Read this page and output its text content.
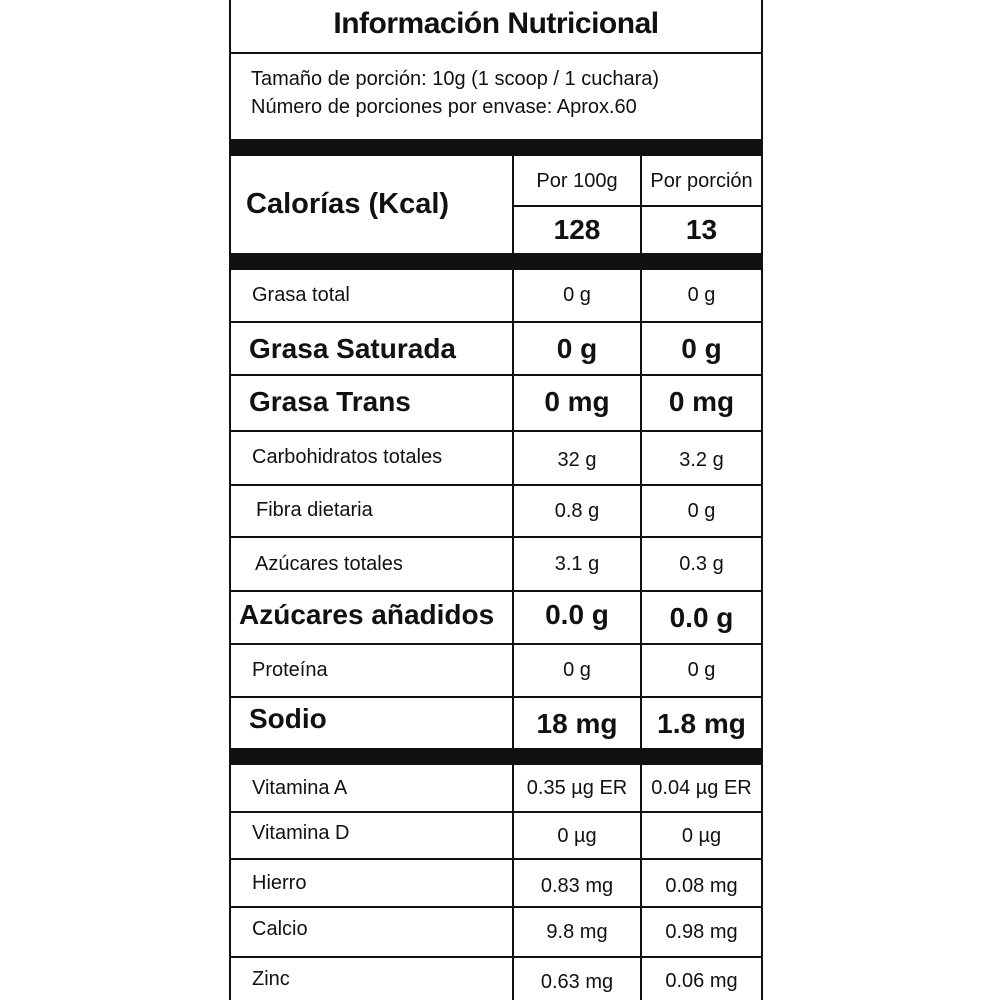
Información Nutricional
Tamaño de porción: 10g (1 scoop / 1 cuchara)
Número de porciones por envase: Aprox.60
Calorías (Kcal)
Por 100g	Por porción
128	13
Grasa total	0 g	0 g
Grasa Saturada	0 g	0 g
Grasa Trans	0 mg	0 mg
Carbohidratos totales	32 g	3.2 g
Fibra dietaria	0.8 g	0 g
Azúcares totales	3.1 g	0.3 g
Azúcares añadidos	0.0 g	0.0 g
Proteína	0 g	0 g
Sodio	18 mg	1.8 mg
Vitamina A	0.35 µg ER	0.04 µg ER
Vitamina D	0 µg	0 µg
Hierro	0.83 mg	0.08 mg
Calcio	9.8 mg	0.98 mg
Zinc	0.63 mg	0.06 mg
